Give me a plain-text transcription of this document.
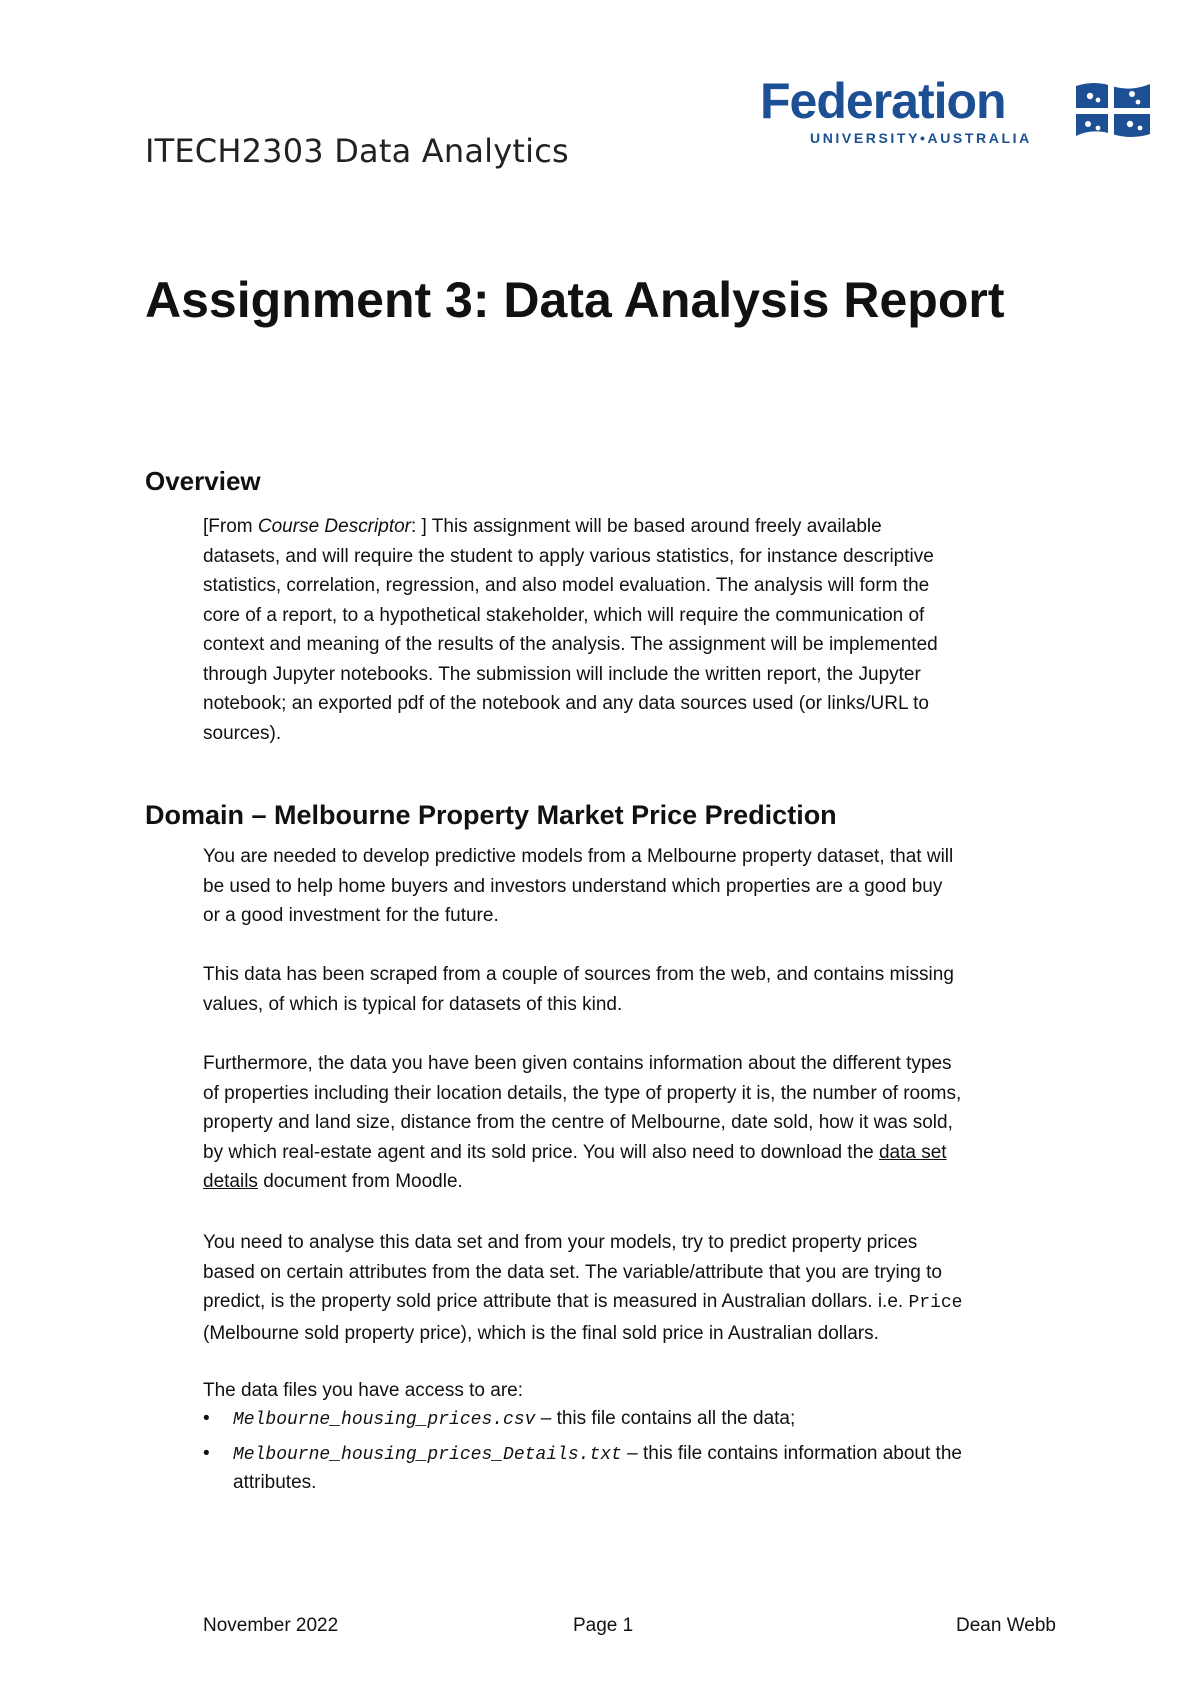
ITECH2303 Data Analytics
Federation
UNIVERSITY•AUSTRALIA
Assignment 3: Data Analysis Report
Overview

[From Course Descriptor: ] This assignment will be based around freely available datasets, and will require the student to apply various statistics, for instance descriptive statistics, correlation, regression, and also model evaluation. The analysis will form the core of a report, to a hypothetical stakeholder, which will require the communication of context and meaning of the results of the analysis. The assignment will be implemented through Jupyter notebooks. The submission will include the written report, the Jupyter notebook; an exported pdf of the notebook and any data sources used (or links/URL to sources).

Domain – Melbourne Property Market Price Prediction

You are needed to develop predictive models from a Melbourne property dataset, that will be used to help home buyers and investors understand which properties are a good buy or a good investment for the future.

This data has been scraped from a couple of sources from the web, and contains missing values, of which is typical for datasets of this kind.

Furthermore, the data you have been given contains information about the different types of properties including their location details, the type of property it is, the number of rooms, property and land size, distance from the centre of Melbourne, date sold, how it was sold, by which real-estate agent and its sold price. You will also need to download the data set details document from Moodle.

You need to analyse this data set and from your models, try to predict property prices based on certain attributes from the data set. The variable/attribute that you are trying to predict, is the property sold price attribute that is measured in Australian dollars. i.e. Price (Melbourne sold property price), which is the final sold price in Australian dollars.

The data files you have access to are:

• Melbourne_housing_prices.csv – this file contains all the data;
• Melbourne_housing_prices_Details.txt – this file contains information about the attributes.
November 2022	Page 1	Dean Webb
